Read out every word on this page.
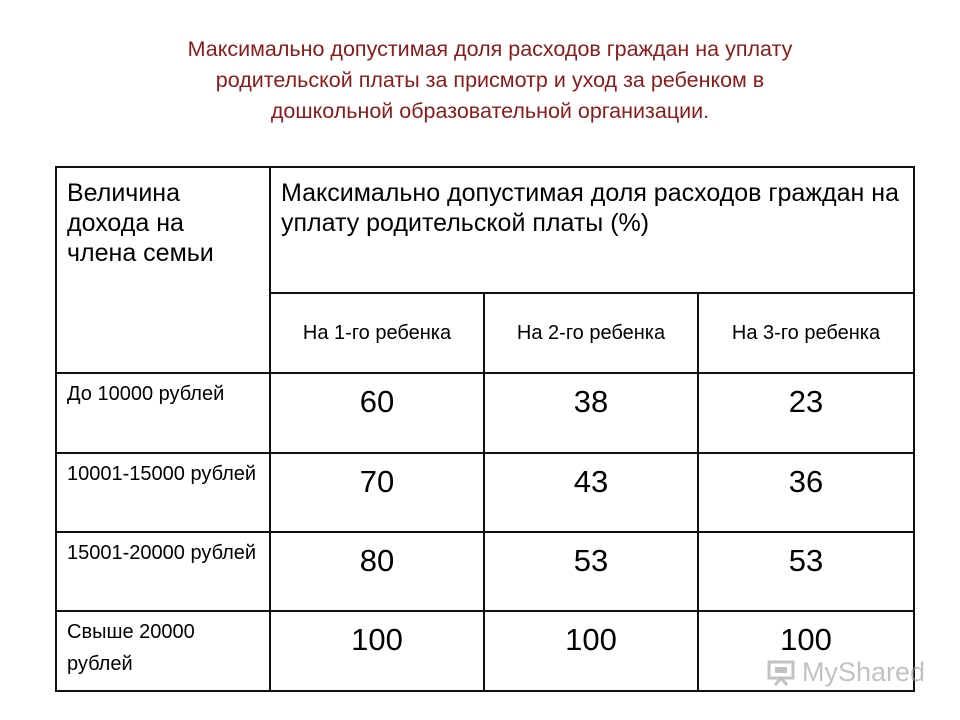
Максимально допустимая доля расходов граждан на уплату
родительской платы за присмотр и уход за ребенком в
дошкольной образовательной организации.
Величина дохода на члена семьи	Максимально допустимая доля расходов граждан на уплату родительской платы (%)		
	На 1-го ребенка	На 2-го ребенка	На 3-го ребенка
До 10000 рублей	60	38	23
10001-15000 рублей	70	43	36
15001-20000 рублей	80	53	53
Свыше 20000 рублей	100	100	100
MyShared
